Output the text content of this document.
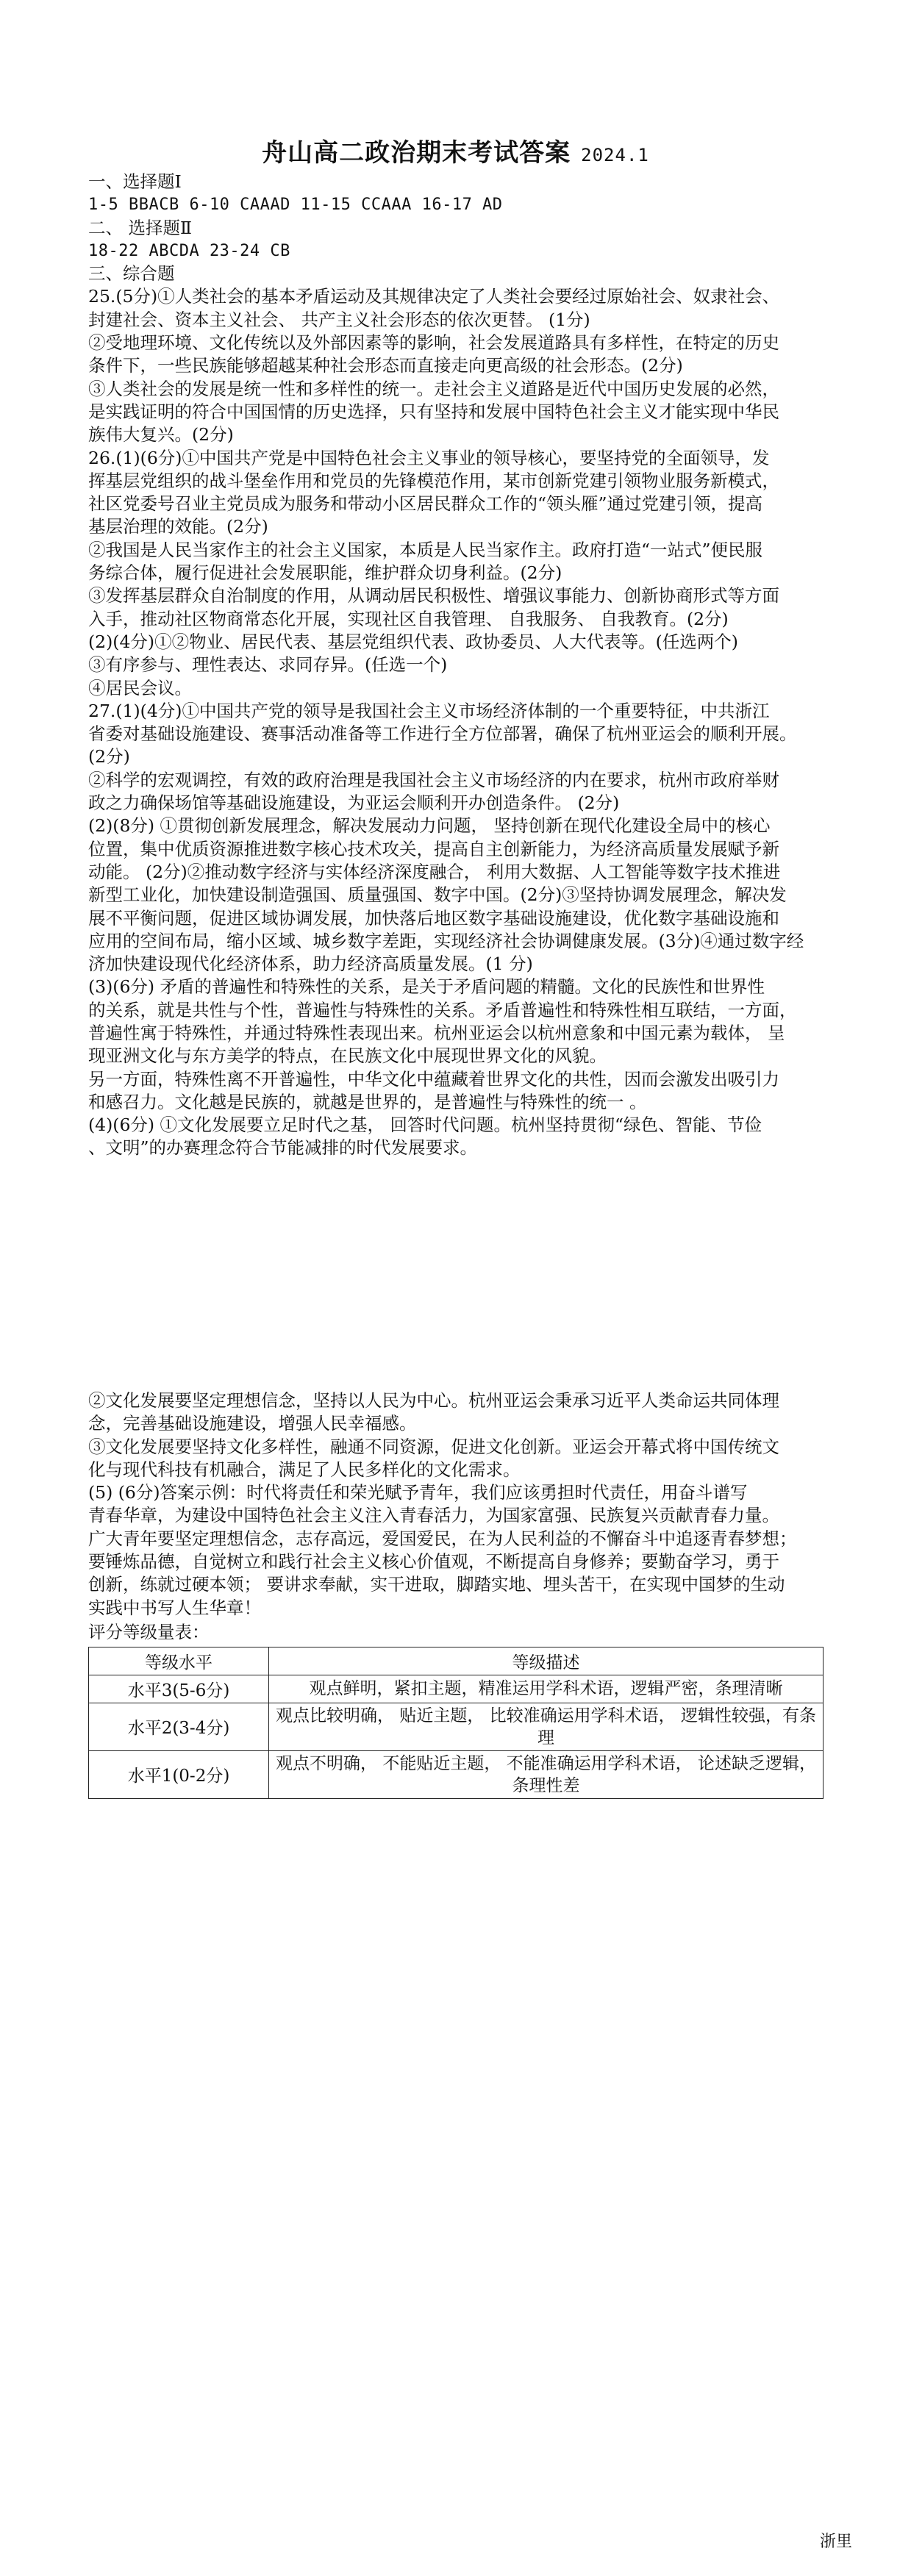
舟山高二政治期末考试答案 2024.1

一、选择题Ⅰ

1-5 BBACB 6-10 CAAAD 11-15 CCAAA 16-17 AD

二、 选择题Ⅱ

18-22 ABCDA 23-24 CB

三、综合题

25.(5分)①人类社会的基本矛盾运动及其规律决定了人类社会要经过原始社会、奴隶社会、

封建社会、资本主义社会、 共产主义社会形态的依次更替。 (1分)

②受地理环境、文化传统以及外部因素等的影响，社会发展道路具有多样性，在特定的历史

条件下，一些民族能够超越某种社会形态而直接走向更高级的社会形态。(2分)

③人类社会的发展是统一性和多样性的统一。走社会主义道路是近代中国历史发展的必然，

是实践证明的符合中国国情的历史选择，只有坚持和发展中国特色社会主义才能实现中华民

族伟大复兴。(2分)

26.(1)(6分)①中国共产党是中国特色社会主义事业的领导核心，要坚持党的全面领导，发

挥基层党组织的战斗堡垒作用和党员的先锋模范作用，某市创新党建引领物业服务新模式，

社区党委号召业主党员成为服务和带动小区居民群众工作的“领头雁”通过党建引领，提高

基层治理的效能。(2分)

②我国是人民当家作主的社会主义国家，本质是人民当家作主。政府打造“一站式”便民服

务综合体，履行促进社会发展职能，维护群众切身利益。(2分)

③发挥基层群众自治制度的作用，从调动居民积极性、增强议事能力、创新协商形式等方面

入手，推动社区物商常态化开展，实现社区自我管理、 自我服务、 自我教育。(2分)

(2)(4分)①②物业、居民代表、基层党组织代表、政协委员、人大代表等。(任选两个)

③有序参与、理性表达、求同存异。(任选一个)

④居民会议。

27.(1)(4分)①中国共产党的领导是我国社会主义市场经济体制的一个重要特征，中共浙江

省委对基础设施建设、赛事活动准备等工作进行全方位部署，确保了杭州亚运会的顺利开展。

(2分)

②科学的宏观调控，有效的政府治理是我国社会主义市场经济的内在要求，杭州市政府举财

政之力确保场馆等基础设施建设，为亚运会顺利开办创造条件。 (2分)

(2)(8分) ①贯彻创新发展理念，解决发展动力问题， 坚持创新在现代化建设全局中的核心

位置，集中优质资源推进数字核心技术攻关，提高自主创新能力，为经济高质量发展赋予新

动能。 (2分)②推动数字经济与实体经济深度融合， 利用大数据、人工智能等数字技术推进

新型工业化，加快建设制造强国、质量强国、数字中国。(2分)③坚持协调发展理念，解决发

展不平衡问题，促进区域协调发展，加快落后地区数字基础设施建设，优化数字基础设施和

应用的空间布局，缩小区域、城乡数字差距，实现经济社会协调健康发展。(3分)④通过数字经

济加快建设现代化经济体系，助力经济高质量发展。(1 分)

(3)(6分) 矛盾的普遍性和特殊性的关系，是关于矛盾问题的精髓。文化的民族性和世界性

的关系，就是共性与个性，普遍性与特殊性的关系。矛盾普遍性和特殊性相互联结，一方面，

普遍性寓于特殊性，并通过特殊性表现出来。杭州亚运会以杭州意象和中国元素为载体， 呈

现亚洲文化与东方美学的特点，在民族文化中展现世界文化的风貌。

另一方面，特殊性离不开普遍性，中华文化中蕴藏着世界文化的共性，因而会激发出吸引力

和感召力。文化越是民族的，就越是世界的，是普遍性与特殊性的统一 。

(4)(6分) ①文化发展要立足时代之基， 回答时代问题。杭州坚持贯彻“绿色、智能、节俭

、文明”的办赛理念符合节能减排的时代发展要求。

②文化发展要坚定理想信念，坚持以人民为中心。杭州亚运会秉承习近平人类命运共同体理

念，完善基础设施建设，增强人民幸福感。

③文化发展要坚持文化多样性，融通不同资源，促进文化创新。亚运会开幕式将中国传统文

化与现代科技有机融合，满足了人民多样化的文化需求。

(5) (6分)答案示例：时代将责任和荣光赋予青年，我们应该勇担时代责任，用奋斗谱写

青春华章，为建设中国特色社会主义注入青春活力，为国家富强、民族复兴贡献青春力量。

广大青年要坚定理想信念，志存高远，爱国爱民，在为人民利益的不懈奋斗中追逐青春梦想；

要锤炼品德，自觉树立和践行社会主义核心价值观，不断提高自身修养；要勤奋学习，勇于

创新，练就过硬本领； 要讲求奉献，实干进取，脚踏实地、埋头苦干，在实现中国梦的生动

实践中书写人生华章！

评分等级量表：
等级水平	等级描述
水平3(5-6分)	观点鲜明，紧扣主题，精准运用学科术语，逻辑严密，条理清晰
水平2(3-4分)	观点比较明确， 贴近主题， 比较准确运用学科术语， 逻辑性较强，有条理
水平1(0-2分)	观点不明确， 不能贴近主题， 不能准确运用学科术语， 论述缺乏逻辑，条理性差
浙里
